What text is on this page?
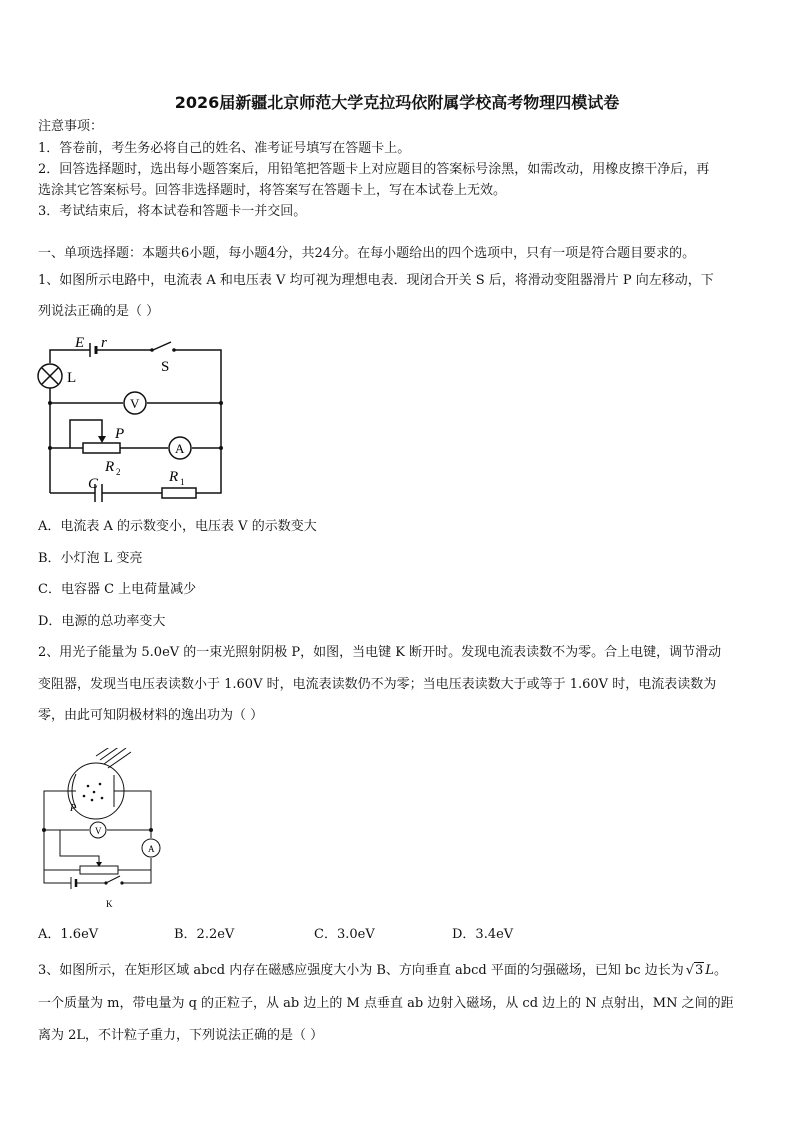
2026届新疆北京师范大学克拉玛依附属学校高考物理四模试卷
注意事项：
1．答卷前，考生务必将自己的姓名、准考证号填写在答题卡上。
2．回答选择题时，选出每小题答案后，用铅笔把答题卡上对应题目的答案标号涂黑，如需改动，用橡皮擦干净后，再
选涂其它答案标号。回答非选择题时，将答案写在答题卡上，写在本试卷上无效。
3．考试结束后，将本试卷和答题卡一并交回。
一、单项选择题：本题共6小题，每小题4分，共24分。在每小题给出的四个选项中，只有一项是符合题目要求的。
1、如图所示电路中，电流表 A 和电压表 V 均可视为理想电表．现闭合开关 S 后，将滑动变阻器滑片 P 向左移动，下
列说法正确的是（ ）
E r
S
L
V
P
A
R 2
C	R 1
A．电流表 A 的示数变小，电压表 V 的示数变大
B．小灯泡 L 变亮
C．电容器 C 上电荷量减少
D．电源的总功率变大
2、用光子能量为 5.0eV 的一束光照射阴极 P，如图，当电键 K 断开时。发现电流表读数不为零。合上电键，调节滑动
变阻器，发现当电压表读数小于 1.60V 时，电流表读数仍不为零；当电压表读数大于或等于 1.60V 时，电流表读数为
零，由此可知阴极材料的逸出功为（ ）
P
V
A
K
A．1.6eV	B．2.2eV	C．3.0eV	D．3.4eV
3、如图所示，在矩形区域 abcd 内存在磁感应强度大小为 B、方向垂直 abcd 平面的匀强磁场，已知 bc 边长为 √3 L。
一个质量为 m，带电量为 q 的正粒子，从 ab 边上的 M 点垂直 ab 边射入磁场，从 cd 边上的 N 点射出，MN 之间的距
离为 2L，不计粒子重力，下列说法正确的是（ ）
